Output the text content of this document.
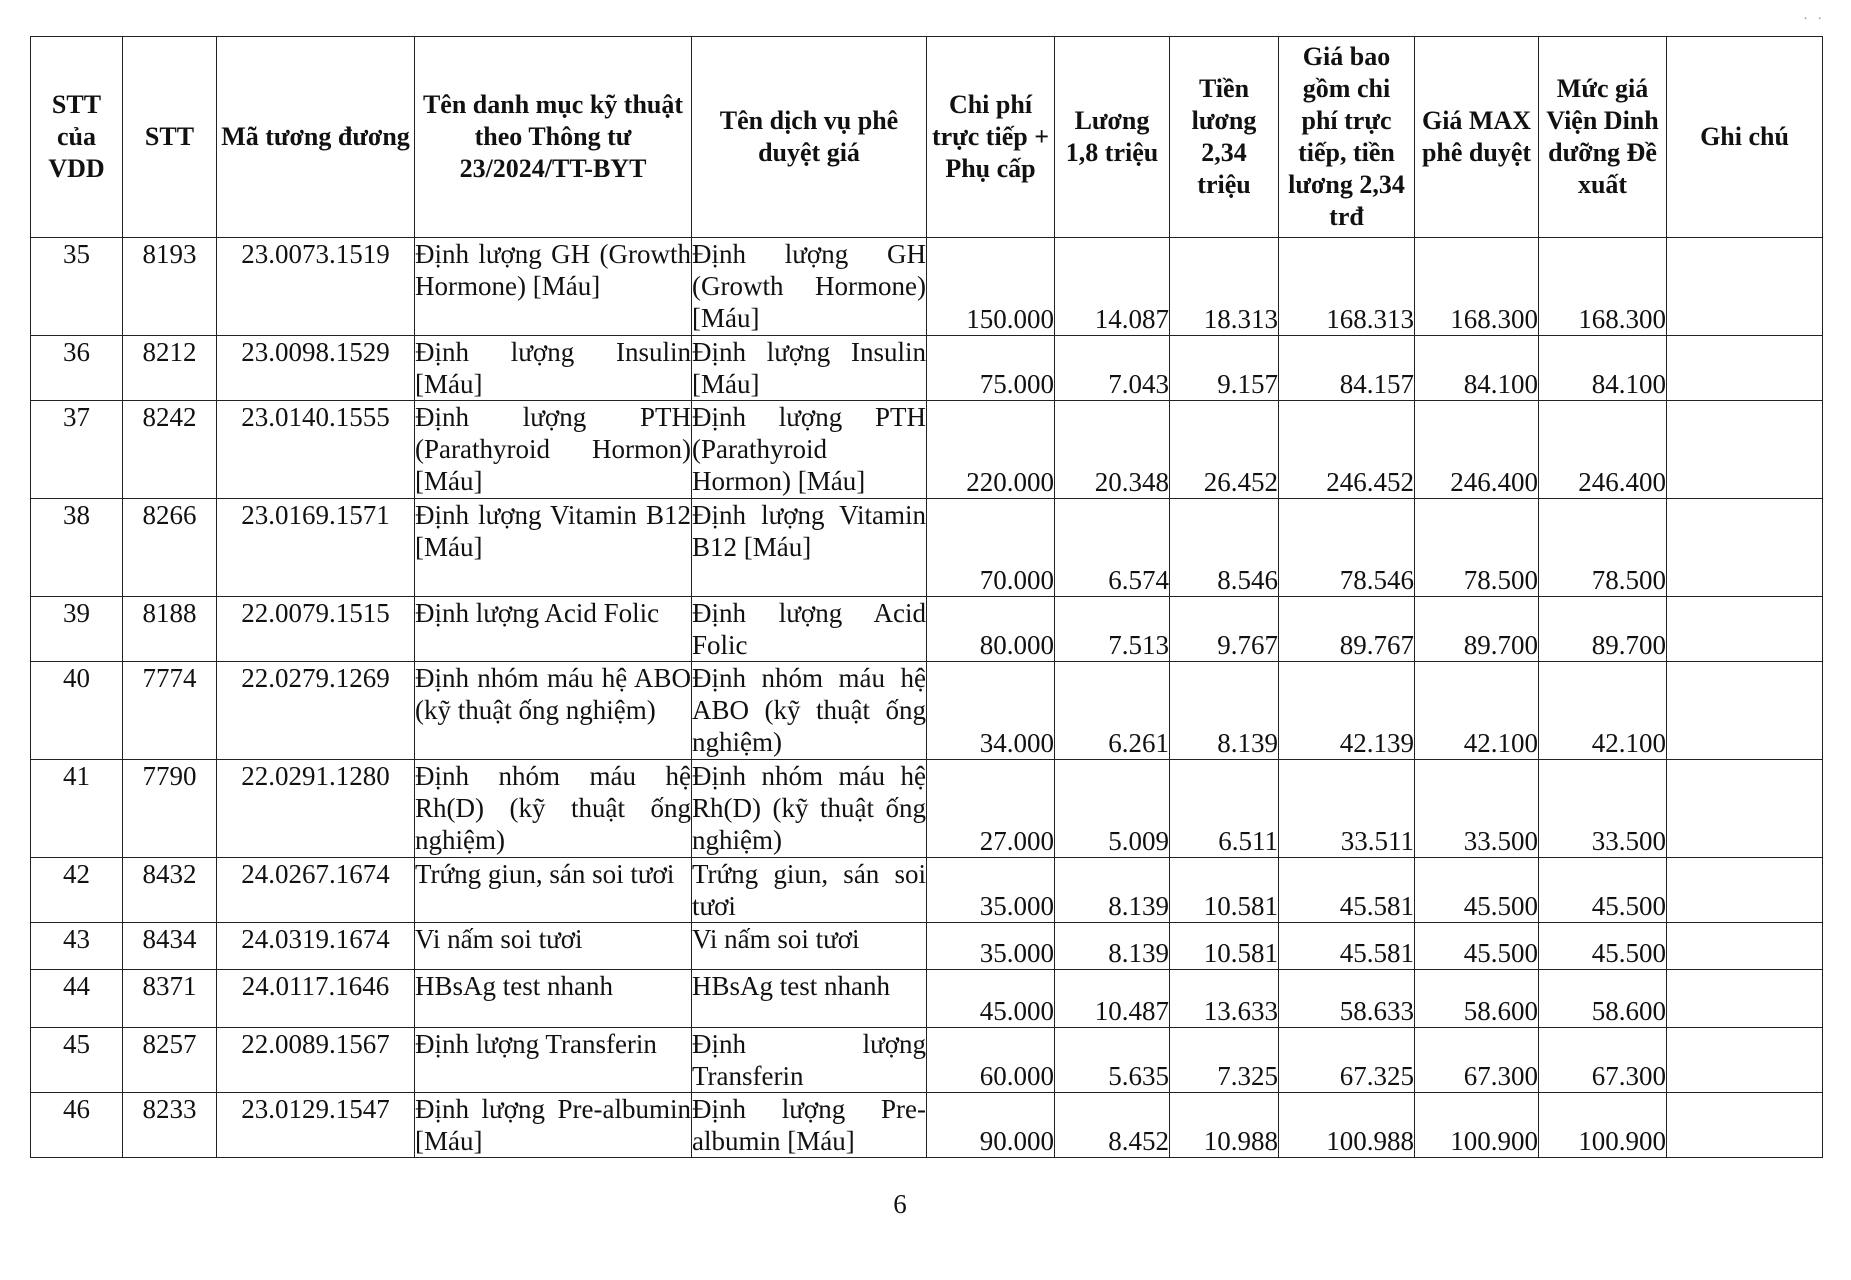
· ·
STT của VDD	STT	Mã tương đương	Tên danh mục kỹ thuật theo Thông tư 23/2024/TT-BYT	Tên dịch vụ phê duyệt giá	Chi phí trực tiếp + Phụ cấp	Lương 1,8 triệu	Tiền lương 2,34 triệu	Giá bao gồm chi phí trực tiếp, tiền lương 2,34 trđ	Giá MAX phê duyệt	Mức giá Viện Dinh dưỡng Đề xuất	Ghi chú
35	8193	23.0073.1519	Định lượng GH (Growth Hormone) [Máu]	Định lượng GH (Growth Hormone) [Máu]	150.000	14.087	18.313	168.313	168.300	168.300	
36	8212	23.0098.1529	Định lượng Insulin [Máu]	Định lượng Insulin [Máu]	75.000	7.043	9.157	84.157	84.100	84.100	
37	8242	23.0140.1555	Định lượng PTH (Parathyroid Hormon) [Máu]	Định lượng PTH (Parathyroid Hormon) [Máu]	220.000	20.348	26.452	246.452	246.400	246.400	
38	8266	23.0169.1571	Định lượng Vitamin B12 [Máu]	Định lượng Vitamin B12 [Máu]	70.000	6.574	8.546	78.546	78.500	78.500	
39	8188	22.0079.1515	Định lượng Acid Folic	Định lượng Acid Folic	80.000	7.513	9.767	89.767	89.700	89.700	
40	7774	22.0279.1269	Định nhóm máu hệ ABO (kỹ thuật ống nghiệm)	Định nhóm máu hệ ABO (kỹ thuật ống nghiệm)	34.000	6.261	8.139	42.139	42.100	42.100	
41	7790	22.0291.1280	Định nhóm máu hệ Rh(D) (kỹ thuật ống nghiệm)	Định nhóm máu hệ Rh(D) (kỹ thuật ống nghiệm)	27.000	5.009	6.511	33.511	33.500	33.500	
42	8432	24.0267.1674	Trứng giun, sán soi tươi	Trứng giun, sán soi tươi	35.000	8.139	10.581	45.581	45.500	45.500	
43	8434	24.0319.1674	Vi nấm soi tươi	Vi nấm soi tươi	35.000	8.139	10.581	45.581	45.500	45.500	
44	8371	24.0117.1646	HBsAg test nhanh	HBsAg test nhanh	45.000	10.487	13.633	58.633	58.600	58.600	
45	8257	22.0089.1567	Định lượng Transferin	Định lượng Transferin	60.000	5.635	7.325	67.325	67.300	67.300	
46	8233	23.0129.1547	Định lượng Pre-albumin [Máu]	Định lượng Pre-albumin [Máu]	90.000	8.452	10.988	100.988	100.900	100.900	
6
